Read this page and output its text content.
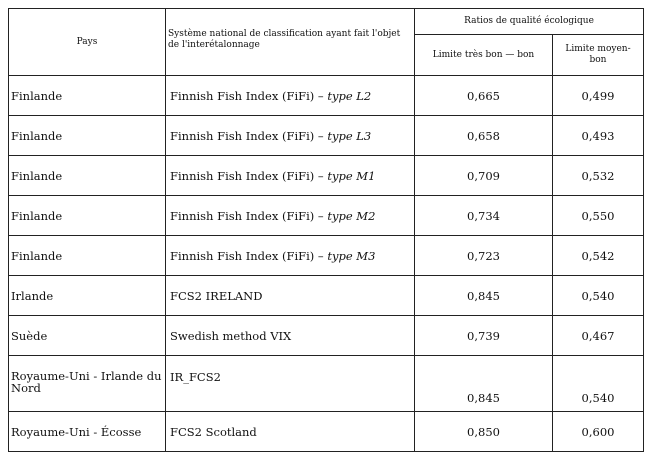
Pays	Système national de classification ayant fait l'objet de l'interétalonnage	Ratios de qualité écologique	
		Limite très bon — bon	Limite moyen-bon
Finlande	Finnish Fish Index (FiFi) – type L2	0,665	0,499
Finlande	Finnish Fish Index (FiFi) – type L3	0,658	0,493
Finlande	Finnish Fish Index (FiFi) – type M1	0,709	0,532
Finlande	Finnish Fish Index (FiFi) – type M2	0,734	0,550
Finlande	Finnish Fish Index (FiFi) – type M3	0,723	0,542
Irlande	FCS2 IRELAND	0,845	0,540
Suède	Swedish method VIX	0,739	0,467
Royaume-Uni - Irlande du Nord	IR_FCS2	0,845	0,540
Royaume-Uni - Écosse	FCS2 Scotland	0,850	0,600
